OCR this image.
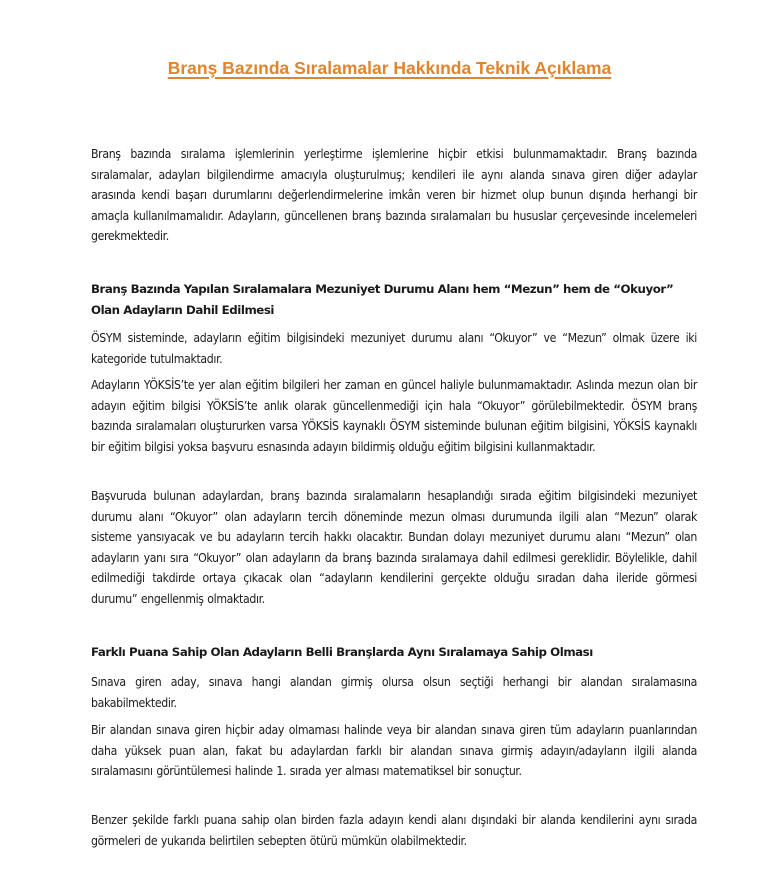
Branş Bazında Sıralamalar Hakkında Teknik Açıklama

Branş bazında sıralama işlemlerinin yerleştirme işlemlerine hiçbir etkisi bulunmamaktadır. Branş bazında sıralamalar, adayları bilgilendirme amacıyla oluşturulmuş; kendileri ile aynı alanda sınava giren diğer adaylar arasında kendi başarı durumlarını değerlendirmelerine imkân veren bir hizmet olup bunun dışında herhangi bir amaçla kullanılmamalıdır. Adayların, güncellenen branş bazında sıralamaları bu hususlar çerçevesinde incelemeleri gerekmektedir.

Branş Bazında Yapılan Sıralamalara Mezuniyet Durumu Alanı hem “Mezun” hem de “Okuyor” Olan Adayların Dahil Edilmesi

ÖSYM sisteminde, adayların eğitim bilgisindeki mezuniyet durumu alanı “Okuyor” ve “Mezun” olmak üzere iki kategoride tutulmaktadır.

Adayların YÖKSİS’te yer alan eğitim bilgileri her zaman en güncel haliyle bulunmamaktadır. Aslında mezun olan bir adayın eğitim bilgisi YÖKSİS’te anlık olarak güncellenmediği için hala “Okuyor” görülebilmektedir. ÖSYM branş bazında sıralamaları oluştururken varsa YÖKSİS kaynaklı ÖSYM sisteminde bulunan eğitim bilgisini, YÖKSİS kaynaklı bir eğitim bilgisi yoksa başvuru esnasında adayın bildirmiş olduğu eğitim bilgisini kullanmaktadır.

Başvuruda bulunan adaylardan, branş bazında sıralamaların hesaplandığı sırada eğitim bilgisindeki mezuniyet durumu alanı “Okuyor” olan adayların tercih döneminde mezun olması durumunda ilgili alan “Mezun” olarak sisteme yansıyacak ve bu adayların tercih hakkı olacaktır. Bundan dolayı mezuniyet durumu alanı “Mezun” olan adayların yanı sıra “Okuyor” olan adayların da branş bazında sıralamaya dahil edilmesi gereklidir. Böylelikle, dahil edilmediği takdirde ortaya çıkacak olan “adayların kendilerini gerçekte olduğu sıradan daha ileride görmesi durumu” engellenmiş olmaktadır.

Farklı Puana Sahip Olan Adayların Belli Branşlarda Aynı Sıralamaya Sahip Olması

Sınava giren aday, sınava hangi alandan girmiş olursa olsun seçtiği herhangi bir alandan sıralamasına bakabilmektedir.

Bir alandan sınava giren hiçbir aday olmaması halinde veya bir alandan sınava giren tüm adayların puanlarından daha yüksek puan alan, fakat bu adaylardan farklı bir alandan sınava girmiş adayın/adayların ilgili alanda sıralamasını görüntülemesi halinde 1. sırada yer alması matematiksel bir sonuçtur.

Benzer şekilde farklı puana sahip olan birden fazla adayın kendi alanı dışındaki bir alanda kendilerini aynı sırada görmeleri de yukarıda belirtilen sebepten ötürü mümkün olabilmektedir.
